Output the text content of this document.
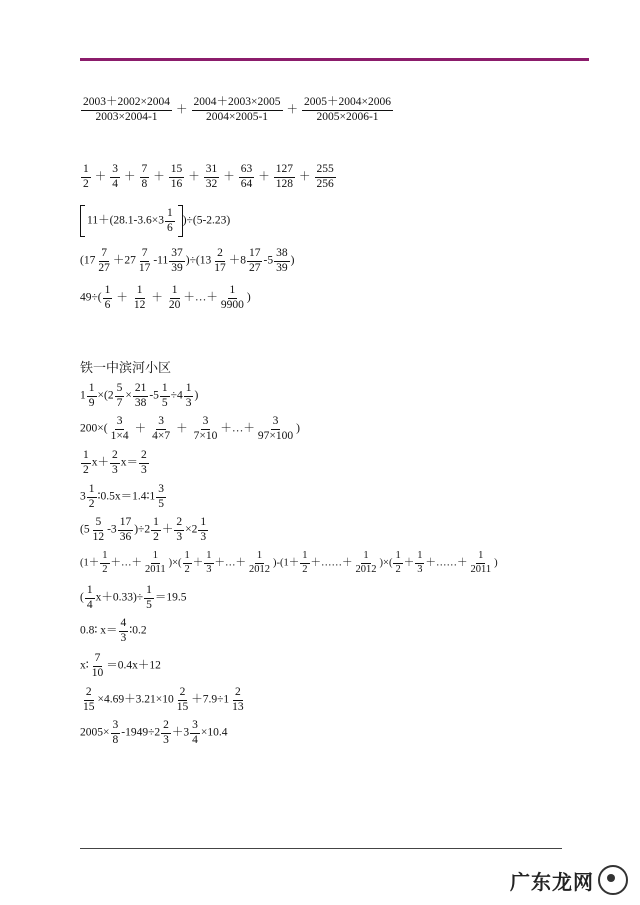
$\frac{2003+2002\times 2004}{2003\times 2004-1} + \frac{2004+2003\times 2005}{2004\times 2005-1} + \frac{2005+2004\times 2006}{2005\times 2006-1}$
$\frac{1}{2} + \frac{3}{4} + \frac{7}{8} + \frac{15}{16} + \frac{31}{32} + \frac{63}{64} + \frac{127}{128} + \frac{255}{256}$
$11+(28.1-3.6\times 3 \frac{1}{6} )\div(5-2.23)$
$(17 \frac{7}{27} +27 \frac{7}{17} -11 \frac{37}{39} )\div(13 \frac{2}{17} +8 \frac{17}{27} -5 \frac{38}{39}$ )
$49\div( \frac{1}{6} + \frac{1}{12} + \frac{1}{20}$ ＋…＋ $\frac{1}{9900}$ )
铁一中滨河小区
$1 \frac{1}{9} \times(2 \frac{5}{7} \times \frac{21}{38} -5 \frac{1}{5} \div 4 \frac{1}{3}$ )
$200\times( \frac{3}{1\times 4} + \frac{3}{4\times 7} + \frac{3}{7\times 10}$ ＋…＋ $\frac{3}{97\times 100}$ )
$\frac{1}{2} x+ \frac{2}{3} x= \frac{2}{3}$
$3 \frac{1}{2}$ ∶0.5x＝1.4∶1 $\frac{3}{5}$
$(5 \frac{5}{12} -3 \frac{17}{36} )\div 2 \frac{1}{2} + \frac{2}{3} \times 2 \frac{1}{3}$
($1+ \frac{1}{2}$ ＋…＋ $\frac{1}{2011}$ )×( $\frac{1}{2} + \frac{1}{3}$ ＋…＋ $\frac{1}{2012} )-(1+ \frac{1}{2}$ ＋……＋ $\frac{1}{2012}$ )×( $\frac{1}{2} + \frac{1}{3}$ ＋……＋ $\frac{1}{2011}$ )
( $\frac{1}{4} x+0.33)\div \frac{1}{5} =19.5$
0.8∶ $x= \frac{4}{3}$ ∶0.2
x∶ $\frac{7}{10} =0.4x+12$
$\frac{2}{15} \times 4.69+3.21\times 10 \frac{2}{15} +7.9\div 1 \frac{2}{13}$
$2005\times \frac{3}{8} -1949\div 2 \frac{2}{3} +3 \frac{3}{4} \times 10.4$
广东龙网
